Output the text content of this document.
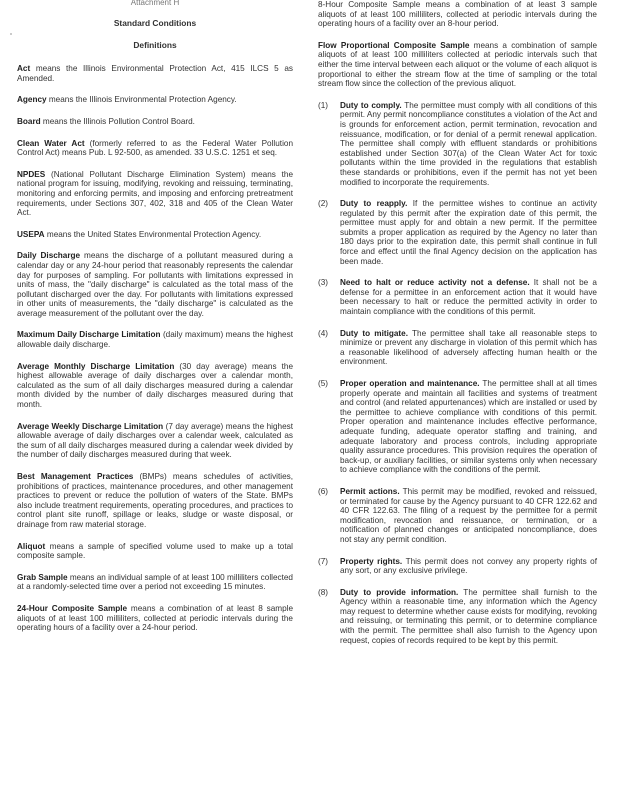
Attachment H
Standard Conditions
Definitions

Act means the Illinois Environmental Protection Act, 415 ILCS 5 as Amended.

Agency means the Illinois Environmental Protection Agency.

Board means the Illinois Pollution Control Board.

Clean Water Act (formerly referred to as the Federal Water Pollution Control Act) means Pub. L 92-500, as amended. 33 U.S.C. 1251 et seq.

NPDES (National Pollutant Discharge Elimination System) means the national program for issuing, modifying, revoking and reissuing, terminating, monitoring and enforcing permits, and imposing and enforcing pretreatment requirements, under Sections 307, 402, 318 and 405 of the Clean Water Act.

USEPA means the United States Environmental Protection Agency.

Daily Discharge means the discharge of a pollutant measured during a calendar day or any 24-hour period that reasonably represents the calendar day for purposes of sampling. For pollutants with limitations expressed in units of mass, the "daily discharge" is calculated as the total mass of the pollutant discharged over the day. For pollutants with limitations expressed in other units of measurements, the "daily discharge" is calculated as the average measurement of the pollutant over the day.

Maximum Daily Discharge Limitation (daily maximum) means the highest allowable daily discharge.

Average Monthly Discharge Limitation (30 day average) means the highest allowable average of daily discharges over a calendar month, calculated as the sum of all daily discharges measured during a calendar month divided by the number of daily discharges measured during that month.

Average Weekly Discharge Limitation (7 day average) means the highest allowable average of daily discharges over a calendar week, calculated as the sum of all daily discharges measured during a calendar week divided by the number of daily discharges measured during that week.

Best Management Practices (BMPs) means schedules of activities, prohibitions of practices, maintenance procedures, and other management practices to prevent or reduce the pollution of waters of the State. BMPs also include treatment requirements, operating procedures, and practices to control plant site runoff, spillage or leaks, sludge or waste disposal, or drainage from raw material storage.

Aliquot means a sample of specified volume used to make up a total composite sample.

Grab Sample means an individual sample of at least 100 milliliters collected at a randomly-selected time over a period not exceeding 15 minutes.

24-Hour Composite Sample means a combination of at least 8 sample aliquots of at least 100 milliliters, collected at periodic intervals during the operating hours of a facility over a 24-hour period.

8-Hour Composite Sample means a combination of at least 3 sample aliquots of at least 100 milliliters, collected at periodic intervals during the operating hours of a facility over an 8-hour period.

Flow Proportional Composite Sample means a combination of sample aliquots of at least 100 milliliters collected at periodic intervals such that either the time interval between each aliquot or the volume of each aliquot is proportional to either the stream flow at the time of sampling or the total stream flow since the collection of the previous aliquot.

(1) Duty to comply. The permittee must comply with all conditions of this permit. Any permit noncompliance constitutes a violation of the Act and is grounds for enforcement action, permit termination, revocation and reissuance, modification, or for denial of a permit renewal application. The permittee shall comply with effluent standards or prohibitions established under Section 307(a) of the Clean Water Act for toxic pollutants within the time provided in the regulations that establish these standards or prohibitions, even if the permit has not yet been modified to incorporate the requirements.
(2) Duty to reapply. If the permittee wishes to continue an activity regulated by this permit after the expiration date of this permit, the permittee must apply for and obtain a new permit. If the permittee submits a proper application as required by the Agency no later than 180 days prior to the expiration date, this permit shall continue in full force and effect until the final Agency decision on the application has been made.
(3) Need to halt or reduce activity not a defense. It shall not be a defense for a permittee in an enforcement action that it would have been necessary to halt or reduce the permitted activity in order to maintain compliance with the conditions of this permit.
(4) Duty to mitigate. The permittee shall take all reasonable steps to minimize or prevent any discharge in violation of this permit which has a reasonable likelihood of adversely affecting human health or the environment.
(5) Proper operation and maintenance. The permittee shall at all times properly operate and maintain all facilities and systems of treatment and control (and related appurtenances) which are installed or used by the permittee to achieve compliance with conditions of this permit. Proper operation and maintenance includes effective performance, adequate funding, adequate operator staffing and training, and adequate laboratory and process controls, including appropriate quality assurance procedures. This provision requires the operation of back-up, or auxiliary facilities, or similar systems only when necessary to achieve compliance with the conditions of the permit.
(6) Permit actions. This permit may be modified, revoked and reissued, or terminated for cause by the Agency pursuant to 40 CFR 122.62 and 40 CFR 122.63. The filing of a request by the permittee for a permit modification, revocation and reissuance, or termination, or a notification of planned changes or anticipated noncompliance, does not stay any permit condition.
(7) Property rights. This permit does not convey any property rights of any sort, or any exclusive privilege.
(8) Duty to provide information. The permittee shall furnish to the Agency within a reasonable time, any information which the Agency may request to determine whether cause exists for modifying, revoking and reissuing, or terminating this permit, or to determine compliance with the permit. The permittee shall also furnish to the Agency upon request, copies of records required to be kept by this permit.
